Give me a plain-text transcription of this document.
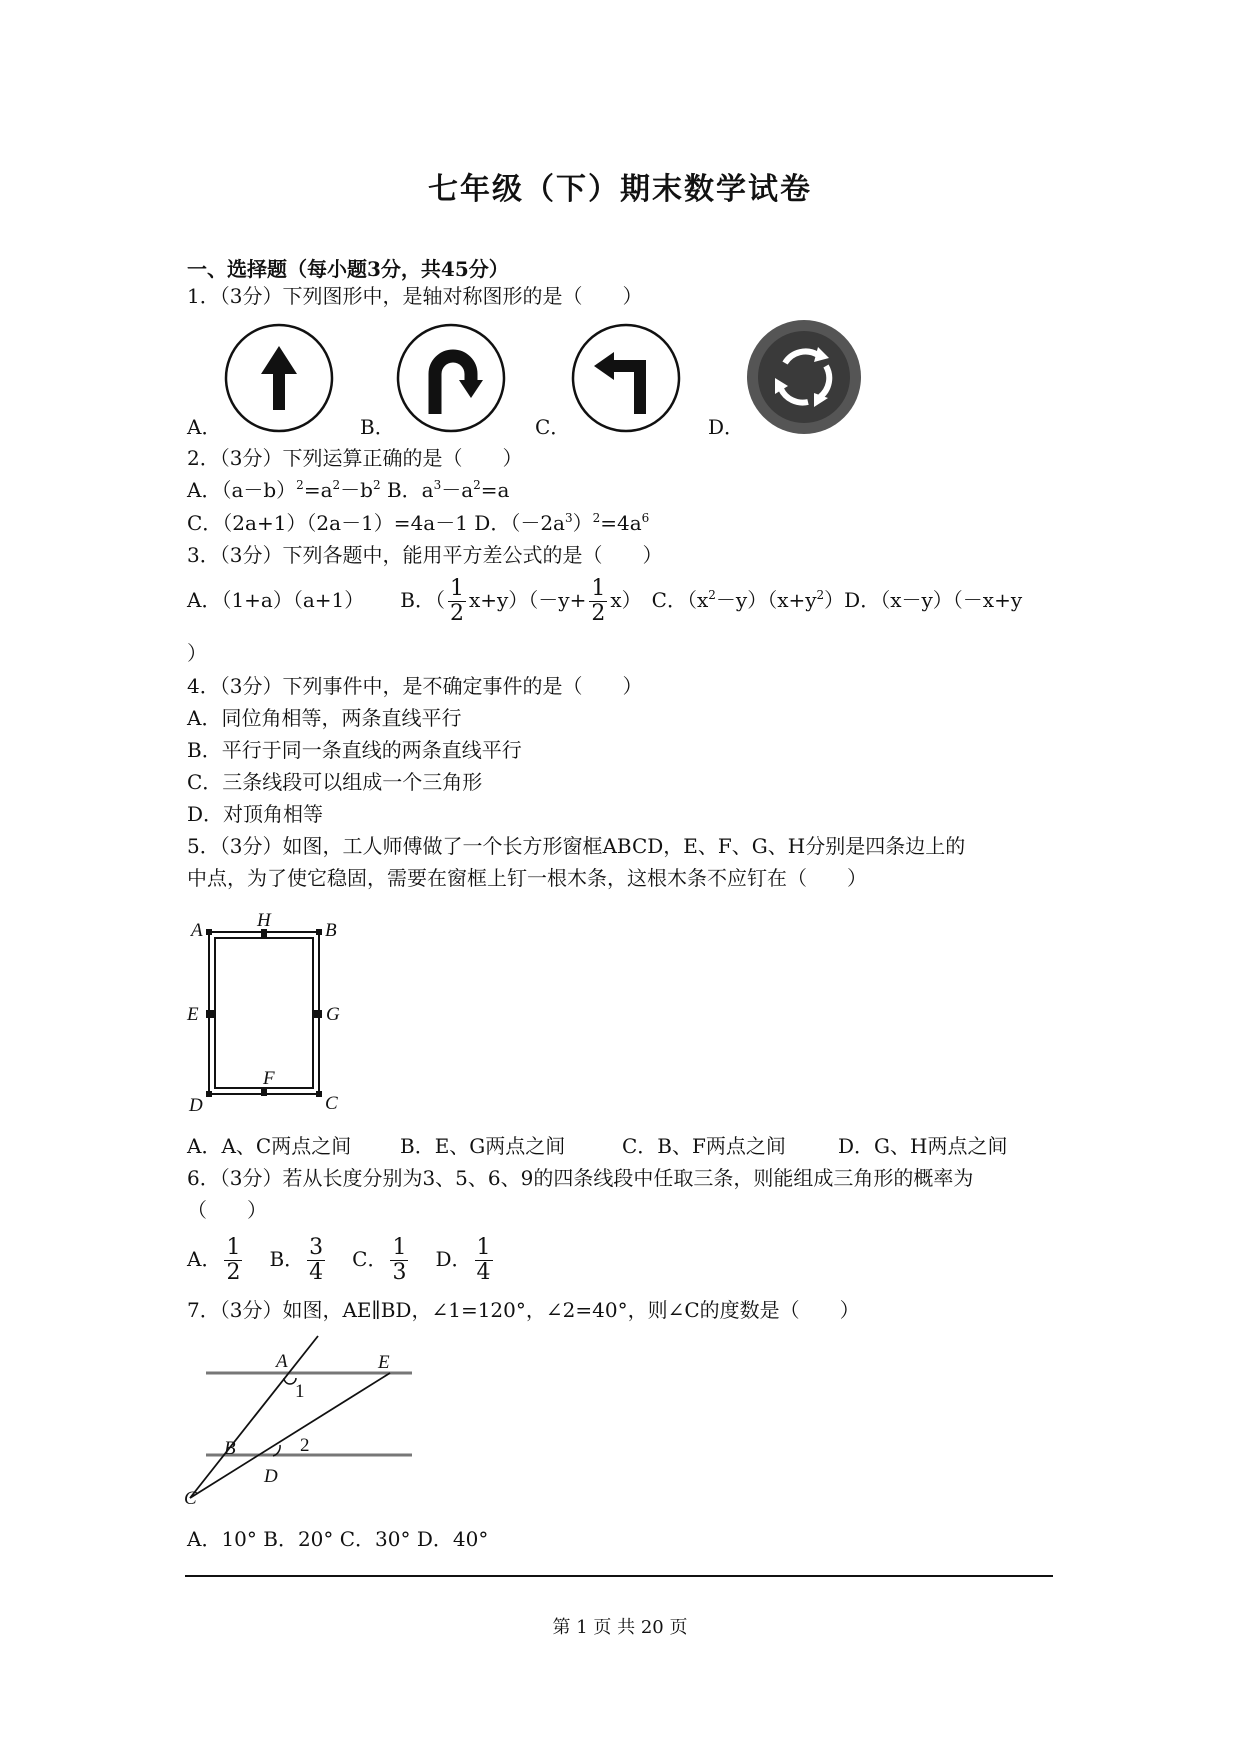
七年级（下）期末数学试卷
一、选择题（每小题3分，共45分）
1．（3分）下列图形中，是轴对称图形的是（　　）
A．	B．	C．	D．
2．（3分）下列运算正确的是（　　）
A．$(a-b)^2=a^2-b^2$ B．$a^3-a^2=a$
C．（2a+1）（2a－1）=4a－1 D．$(-2a^3)^2=4a^6$
3．（3分）下列各题中，能用平方差公式的是（　　）
A．（1+a）（a+1） B．（ $\frac{1}{2} x+y)(-y+ \frac{1}{2} x)$ C．$(x^2-y)(x+y^2)D$．（x－y）（－x+y
）
4．（3分）下列事件中，是不确定事件的是（　　）
A．同位角相等，两条直线平行
B．平行于同一条直线的两条直线平行
C．三条线段可以组成一个三角形
D．对顶角相等
5．（3分）如图，工人师傅做了一个长方形窗框ABCD，E、F、G、H分别是四条边上的
中点，为了使它稳固，需要在窗框上钉一根木条，这根木条不应钉在（　　）
A	H	B
E	G
F
D	C
A．A、C两点之间 B．E、G两点之间	C．B、F两点之间	D．G、H两点之间
6．（3分）若从长度分别为3、5、6、9的四条线段中任取三条，则能组成三角形的概率为
（　　）
A． $\frac{1}{2}$ B． $\frac{3}{4}$ C． $\frac{1}{3}$ D． $\frac{1}{4}$
7．（3分）如图，AE∥BD，∠1=120°，∠2=40°，则∠C的度数是（　　）
A	E
1
B	2
D
C
A．10° B．20° C．30° D．40°
第 1 页 共 20 页
